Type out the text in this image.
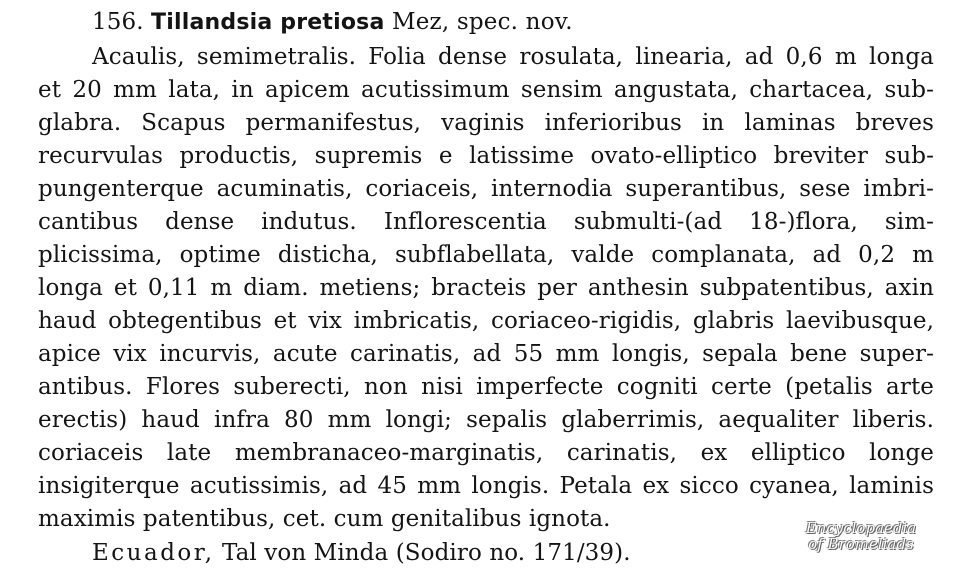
156. Tillandsia pretiosa Mez, spec. nov.
Acaulis, semimetralis. Folia dense rosulata, linearia, ad 0,6 m longa
et 20 mm lata, in apicem acutissimum sensim angustata, chartacea, sub-
glabra. Scapus permanifestus, vaginis inferioribus in laminas breves
recurvulas productis, supremis e latissime ovato-elliptico breviter sub-
pungenterque acuminatis, coriaceis, internodia superantibus, sese imbri-
cantibus dense indutus. Inflorescentia submulti-(ad 18-)flora, sim-
plicissima, optime disticha, subflabellata, valde complanata, ad 0,2 m
longa et 0,11 m diam. metiens; bracteis per anthesin subpatentibus, axin
haud obtegentibus et vix imbricatis, coriaceo-rigidis, glabris laevibusque,
apice vix incurvis, acute carinatis, ad 55 mm longis, sepala bene super-
antibus. Flores suberecti, non nisi imperfecte cogniti certe (petalis arte
erectis) haud infra 80 mm longi; sepalis glaberrimis, aequaliter liberis.
coriaceis late membranaceo-marginatis, carinatis, ex elliptico longe
insigiterque acutissimis, ad 45 mm longis. Petala ex sicco cyanea, laminis
maximis patentibus, cet. cum genitalibus ignota.
Ecuador, Tal von Minda (Sodiro no. 171/39).
Encyclopaedia
of Bromeliads
